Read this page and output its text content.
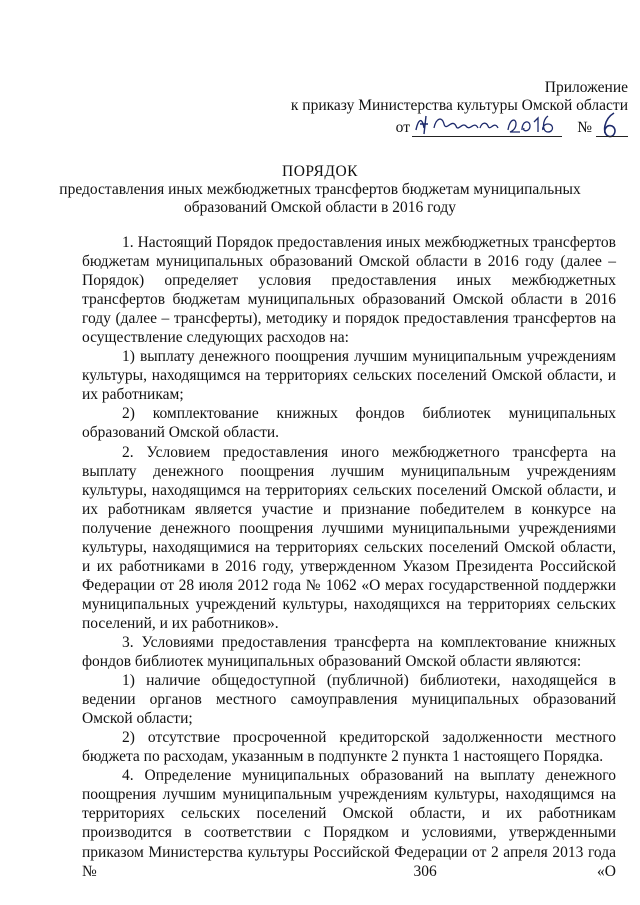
Приложение
к приказу Министерства культуры Омской области
от	№
ПОРЯДОК
предоставления иных межбюджетных трансфертов бюджетам муниципальных
образований Омской области в 2016 году

1. Настоящий Порядок предоставления иных межбюджетных трансфертов бюджетам муниципальных образований Омской области в 2016 году (далее – Порядок) определяет условия предоставления иных межбюджетных трансфертов бюджетам муниципальных образований Омской области в 2016 году (далее – трансферты), методику и порядок предоставления трансфертов на осуществление следующих расходов на:

1) выплату денежного поощрения лучшим муниципальным учреждениям культуры, находящимся на территориях сельских поселений Омской области, и их работникам;

2) комплектование книжных фондов библиотек муниципальных образований Омской области.

2. Условием предоставления иного межбюджетного трансферта на выплату денежного поощрения лучшим муниципальным учреждениям культуры, находящимся на территориях сельских поселений Омской области, и их работникам является участие и признание победителем в конкурсе на получение денежного поощрения лучшими муниципальными учреждениями культуры, находящимися на территориях сельских поселений Омской области, и их работниками в 2016 году, утвержденном Указом Президента Российской Федерации от 28 июля 2012 года № 1062 «О мерах государственной поддержки муниципальных учреждений культуры, находящихся на территориях сельских поселений, и их работников».

3. Условиями предоставления трансферта на комплектование книжных фондов библиотек муниципальных образований Омской области являются:

1) наличие общедоступной (публичной) библиотеки, находящейся в ведении органов местного самоуправления муниципальных образований Омской области;

2) отсутствие просроченной кредиторской задолженности местного бюджета по расходам, указанным в подпункте 2 пункта 1 настоящего Порядка.

4. Определение муниципальных образований на выплату денежного поощрения лучшим муниципальным учреждениям культуры, находящимся на территориях сельских поселений Омской области, и их работникам производится в соответствии с Порядком и условиями, утвержденными приказом Министерства культуры Российской Федерации от 2 апреля 2013 года № 306 «О
